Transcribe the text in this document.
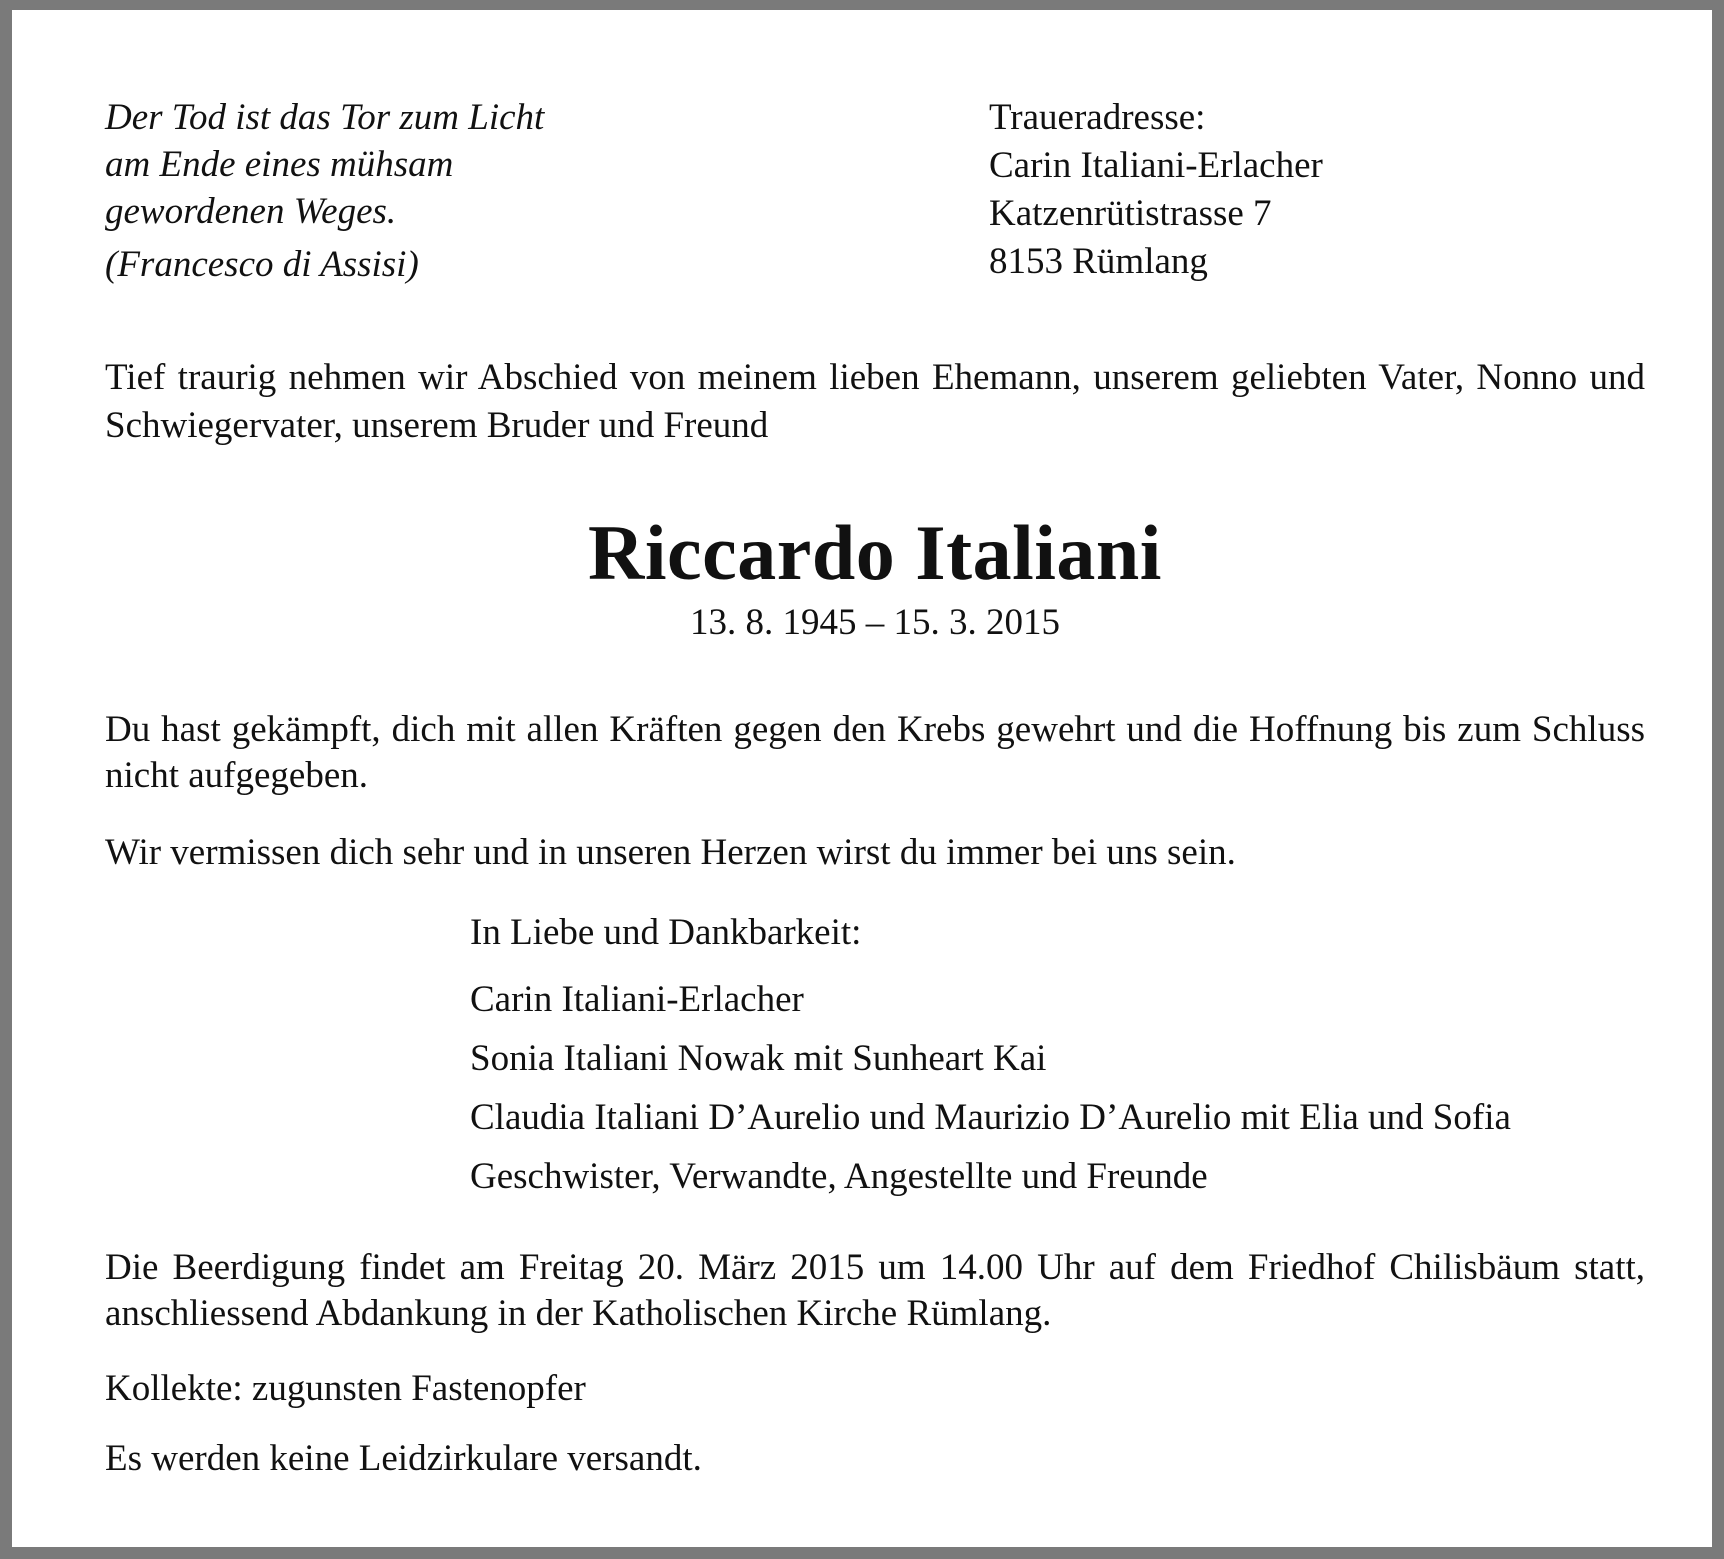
Der Tod ist das Tor zum Licht
am Ende eines mühsam
gewordenen Weges.
(Francesco di Assisi)
Traueradresse:
Carin Italiani-Erlacher
Katzenrütistrasse 7
8153 Rümlang

Tief traurig nehmen wir Abschied von meinem lieben Ehemann, unserem geliebten Vater, Nonno und Schwiegervater, unserem Bruder und Freund

Riccardo Italiani
13. 8. 1945 – 15. 3. 2015

Du hast gekämpft, dich mit allen Kräften gegen den Krebs gewehrt und die Hoffnung bis zum Schluss nicht aufgegeben.

Wir vermissen dich sehr und in unseren Herzen wirst du immer bei uns sein.

In Liebe und Dankbarkeit:
Carin Italiani-Erlacher
Sonia Italiani Nowak mit Sunheart Kai
Claudia Italiani D’Aurelio und Maurizio D’Aurelio mit Elia und Sofia
Geschwister, Verwandte, Angestellte und Freunde

Die Beerdigung findet am Freitag 20. März 2015 um 14.00 Uhr auf dem Friedhof Chilisbäum statt, anschliessend Abdankung in der Katholischen Kirche Rümlang.

Kollekte: zugunsten Fastenopfer

Es werden keine Leidzirkulare versandt.
